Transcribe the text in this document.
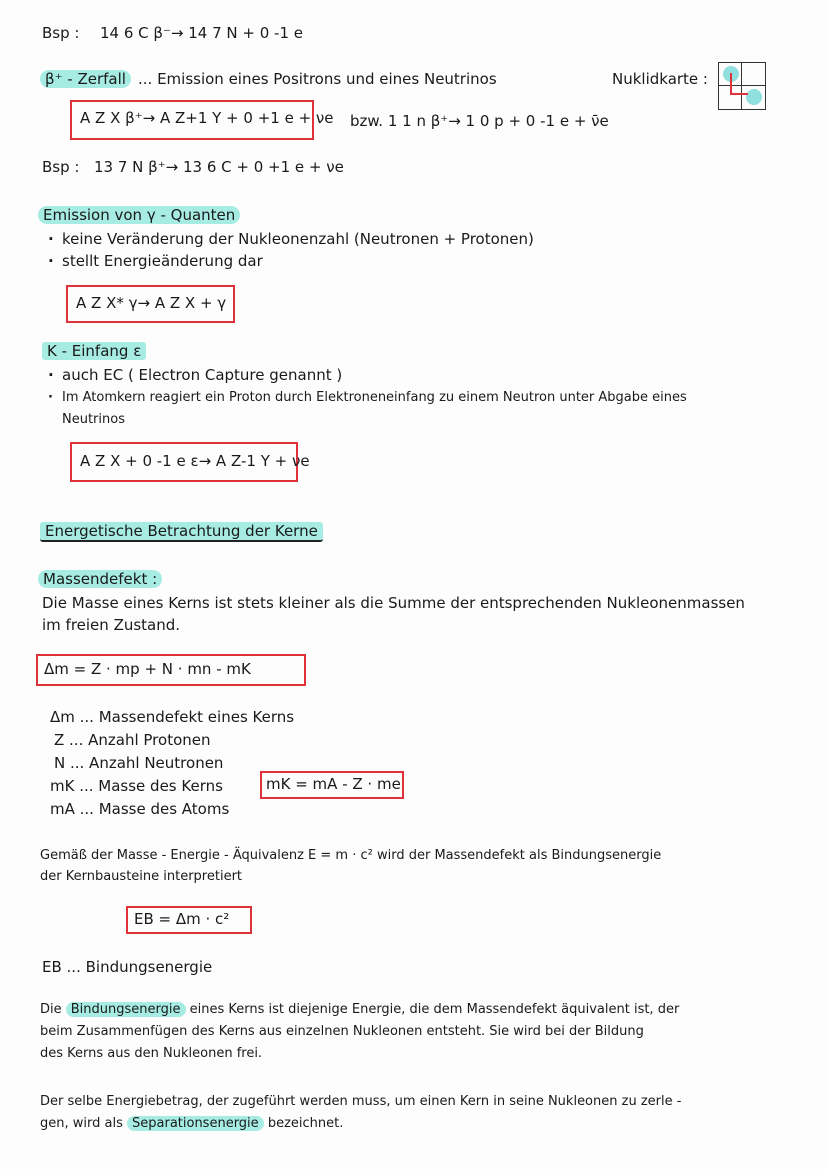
Bsp : 14 6 C β⁻→ 14 7 N + 0 -1 e
β⁺ - Zerfall ... Emission eines Positrons und eines Neutrinos	Nuklidkarte :
A Z X β⁺→ A Z+1 Y + 0 +1 e + νe bzw. 1 1 n β⁺→ 1 0 p + 0 -1 e + ν̄e
Bsp : 13 7 N β⁺→ 13 6 C + 0 +1 e + νe
Emission von γ - Quanten
· keine Veränderung der Nukleonenzahl (Neutronen + Protonen)
· stellt Energieänderung dar
A Z X* γ→ A Z X + γ
K - Einfang ε
· auch EC ( Electron Capture genannt )
· Im Atomkern reagiert ein Proton durch Elektroneneinfang zu einem Neutron unter Abgabe eines
Neutrinos
A Z X + 0 -1 e ε→ A Z-1 Y + νe
Energetische Betrachtung der Kerne
Massendefekt :
Die Masse eines Kerns ist stets kleiner als die Summe der entsprechenden Nukleonenmassen
im freien Zustand.
Δm = Z · mp + N · mn - mK
Δm ... Massendefekt eines Kerns
Z ... Anzahl Protonen
N ... Anzahl Neutronen
mK ... Masse des Kerns
mA ... Masse des Atoms
mK = mA - Z · me
Gemäß der Masse - Energie - Äquivalenz E = m · c² wird der Massendefekt als Bindungsenergie
der Kernbausteine interpretiert
EB = Δm · c²
EB ... Bindungsenergie
Die Bindungsenergie eines Kerns ist diejenige Energie, die dem Massendefekt äquivalent ist, der
beim Zusammenfügen des Kerns aus einzelnen Nukleonen entsteht. Sie wird bei der Bildung
des Kerns aus den Nukleonen frei.
Der selbe Energiebetrag, der zugeführt werden muss, um einen Kern in seine Nukleonen zu zerle -
gen, wird als Separationsenergie bezeichnet.
